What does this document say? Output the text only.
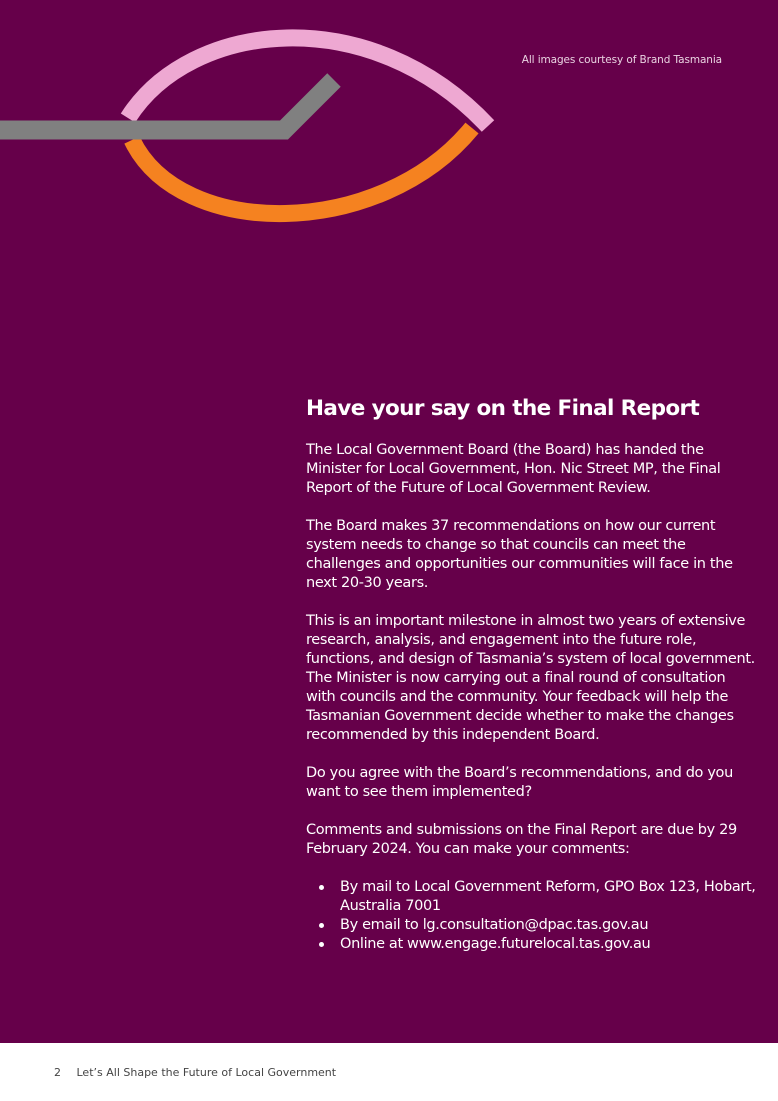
All images courtesy of Brand Tasmania
Have your say on the Final Report

The Local Government Board (the Board) has handed the Minister for Local Government, Hon. Nic Street MP, the Final Report of the Future of Local Government Review.

The Board makes 37 recommendations on how our current system needs to change so that councils can meet the challenges and opportunities our communities will face in the next 20-30 years.

This is an important milestone in almost two years of extensive research, analysis, and engagement into the future role, functions, and design of Tasmania’s system of local government. The Minister is now carrying out a final round of consultation with councils and the community. Your feedback will help the Tasmanian Government decide whether to make the changes recommended by this independent Board.

Do you agree with the Board’s recommendations, and do you want to see them implemented?

Comments and submissions on the Final Report are due by 29 February 2024. You can make your comments:

By mail to Local Government Reform, GPO Box 123, Hobart, Australia 7001
By email to lg.consultation@dpac.tas.gov.au
Online at www.engage.futurelocal.tas.gov.au
2 Let’s All Shape the Future of Local Government
